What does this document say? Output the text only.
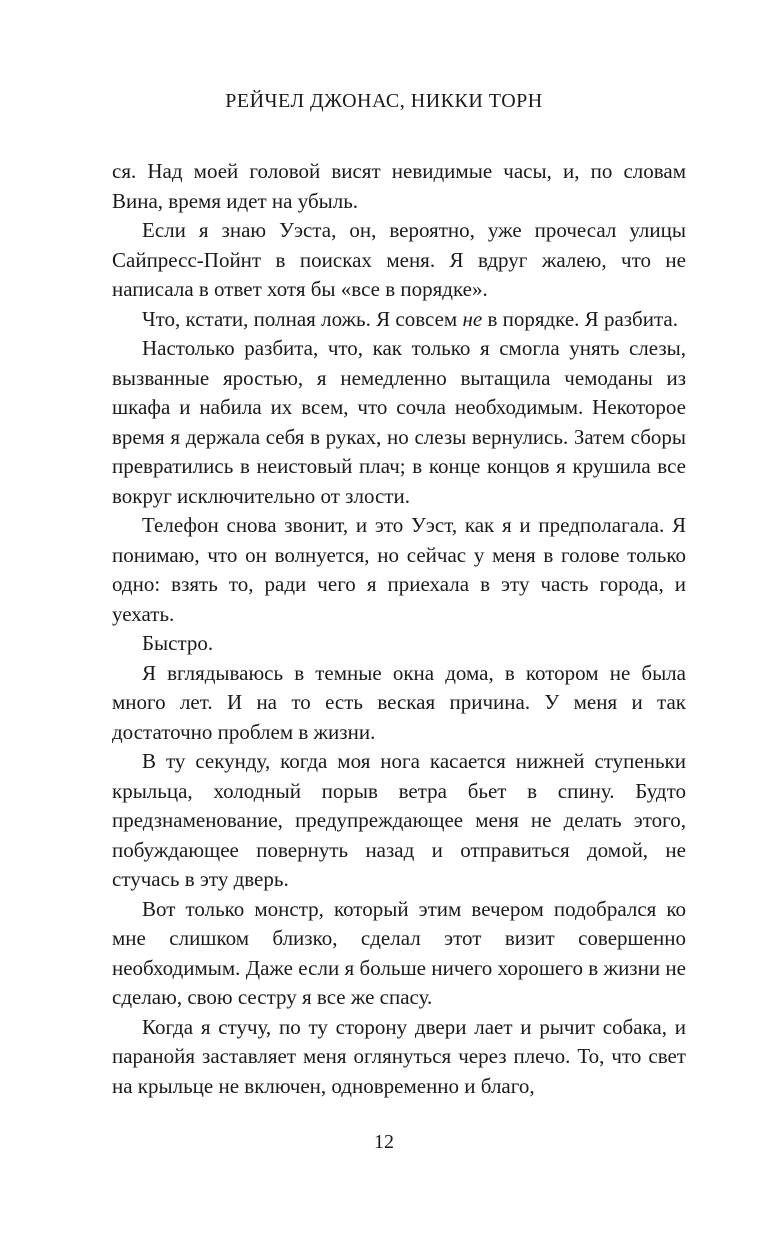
РЕЙЧЕЛ ДЖОНАС, НИККИ ТОРН

ся. Над моей головой висят невидимые часы, и, по словам Вина, время идет на убыль.

Если я знаю Уэста, он, вероятно, уже прочесал улицы Сайпресс-Пойнт в поисках меня. Я вдруг жалею, что не написала в ответ хотя бы «все в порядке».

Что, кстати, полная ложь. Я совсем не в порядке. Я разбита.

Настолько разбита, что, как только я смогла унять слезы, вызванные яростью, я немедленно вытащила чемоданы из шкафа и набила их всем, что сочла необходимым. Некоторое время я держала себя в руках, но слезы вернулись. Затем сборы превратились в неистовый плач; в конце концов я крушила все вокруг исключительно от злости.

Телефон снова звонит, и это Уэст, как я и предполагала. Я понимаю, что он волнуется, но сейчас у меня в голове только одно: взять то, ради чего я приехала в эту часть города, и уехать.

Быстро.

Я вглядываюсь в темные окна дома, в котором не была много лет. И на то есть веская причина. У меня и так достаточно проблем в жизни.

В ту секунду, когда моя нога касается нижней ступеньки крыльца, холодный порыв ветра бьет в спину. Будто предзнаменование, предупреждающее меня не делать этого, побуждающее повернуть назад и отправиться домой, не стучась в эту дверь.

Вот только монстр, который этим вечером подобрался ко мне слишком близко, сделал этот визит совершенно необходимым. Даже если я больше ничего хорошего в жизни не сделаю, свою сестру я все же спасу.

Когда я стучу, по ту сторону двери лает и рычит собака, и паранойя заставляет меня оглянуться через плечо. То, что свет на крыльце не включен, одновременно и благо,

12
